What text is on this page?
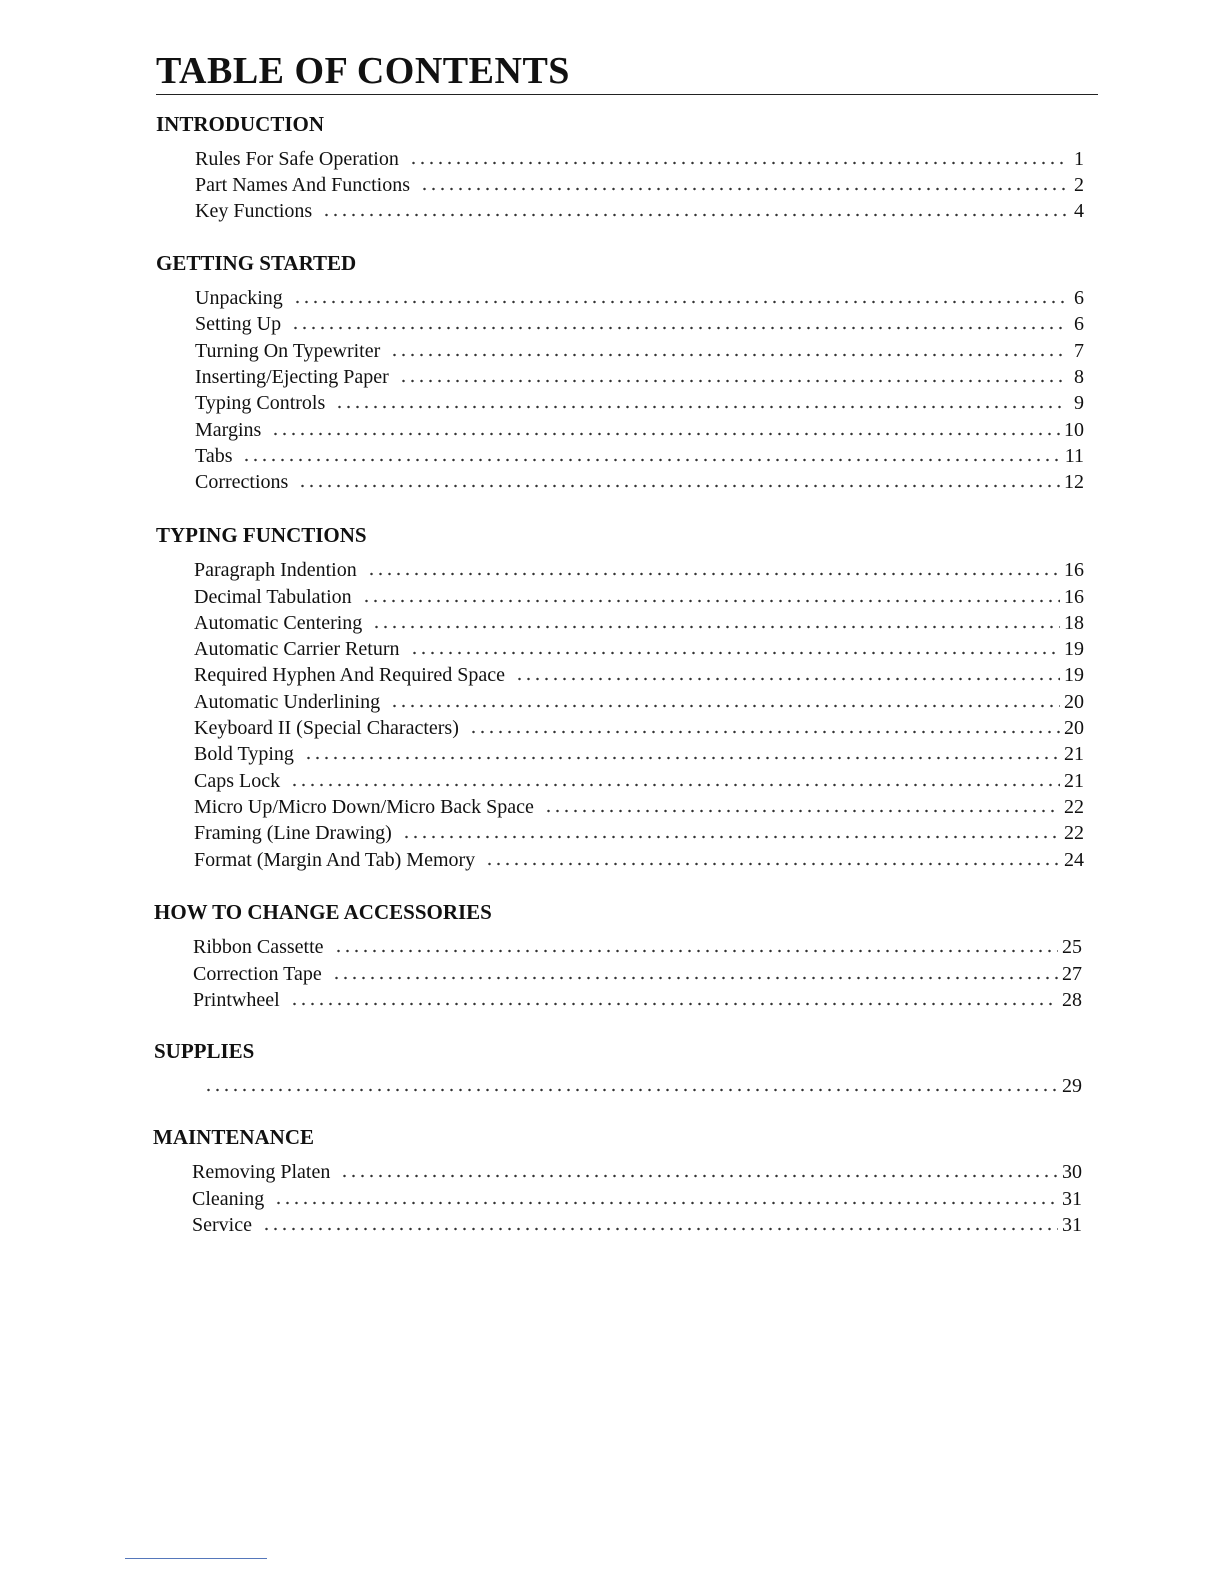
TABLE OF CONTENTS
INTRODUCTION
Rules For Safe Operation	1
Part Names And Functions	2
Key Functions	4
GETTING STARTED
Unpacking	6
Setting Up	6
Turning On Typewriter	7
Inserting/Ejecting Paper	8
Typing Controls	9
Margins	10
Tabs	11
Corrections	12
TYPING FUNCTIONS
Paragraph Indention	16
Decimal Tabulation	16
Automatic Centering	18
Automatic Carrier Return	19
Required Hyphen And Required Space	19
Automatic Underlining	20
Keyboard II (Special Characters)	20
Bold Typing	21
Caps Lock	21
Micro Up/Micro Down/Micro Back Space	22
Framing (Line Drawing)	22
Format (Margin And Tab) Memory	24
HOW TO CHANGE ACCESSORIES
Ribbon Cassette	25
Correction Tape	27
Printwheel	28
SUPPLIES
29
MAINTENANCE
Removing Platen	30
Cleaning	31
Service	31
